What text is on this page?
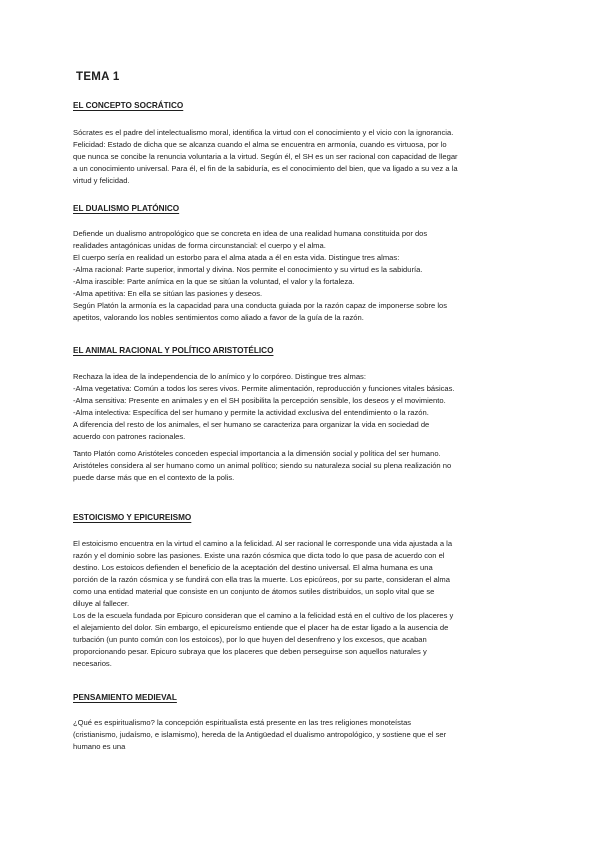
TEMA 1
EL CONCEPTO SOCRÁTICO

Sócrates es el padre del intelectualismo moral, identifica la virtud con el conocimiento y el vicio con la ignorancia.
Felicidad: Estado de dicha que se alcanza cuando el alma se encuentra en armonía, cuando es virtuosa, por lo
que nunca se concibe la renuncia voluntaria a la virtud. Según él, el SH es un ser racional con capacidad de llegar
a un conocimiento universal. Para él, el fin de la sabiduría, es el conocimiento del bien, que va ligado a su vez a la
virtud y felicidad.

EL DUALISMO PLATÓNICO

Defiende un dualismo antropológico que se concreta en idea de una realidad humana constituida por dos
realidades antagónicas unidas de forma circunstancial: el cuerpo y el alma.
El cuerpo sería en realidad un estorbo para el alma atada a él en esta vida. Distingue tres almas:
-Alma racional: Parte superior, inmortal y divina. Nos permite el conocimiento y su virtud es la sabiduría.
-Alma irascible: Parte anímica en la que se sitúan la voluntad, el valor y la fortaleza.
-Alma apetitiva: En ella se sitúan las pasiones y deseos.
Según Platón la armonía es la capacidad para una conducta guiada por la razón capaz de imponerse sobre los
apetitos, valorando los nobles sentimientos como aliado a favor de la guía de la razón.

EL ANIMAL RACIONAL Y POLÍTICO ARISTOTÉLICO

Rechaza la idea de la independencia de lo anímico y lo corpóreo. Distingue tres almas:
-Alma vegetativa: Común a todos los seres vivos. Permite alimentación, reproducción y funciones vitales básicas.
-Alma sensitiva: Presente en animales y en el SH posibilita la percepción sensible, los deseos y el movimiento.
-Alma intelectiva: Específica del ser humano y permite la actividad exclusiva del entendimiento o la razón.
A diferencia del resto de los animales, el ser humano se caracteriza para organizar la vida en sociedad de
acuerdo con patrones racionales.

Tanto Platón como Aristóteles conceden especial importancia a la dimensión social y política del ser humano.
Aristóteles considera al ser humano como un animal político; siendo su naturaleza social su plena realización no
puede darse más que en el contexto de la polis.

ESTOICISMO Y EPICUREISMO

El estoicismo encuentra en la virtud el camino a la felicidad. Al ser racional le corresponde una vida ajustada a la
razón y el dominio sobre las pasiones. Existe una razón cósmica que dicta todo lo que pasa de acuerdo con el
destino. Los estoicos defienden el beneficio de la aceptación del destino universal. El alma humana es una
porción de la razón cósmica y se fundirá con ella tras la muerte. Los epicúreos, por su parte, consideran el alma
como una entidad material que consiste en un conjunto de átomos sutiles distribuidos, un soplo vital que se
diluye al fallecer.
Los de la escuela fundada por Epicuro consideran que el camino a la felicidad está en el cultivo de los placeres y
el alejamiento del dolor. Sin embargo, el epicureísmo entiende que el placer ha de estar ligado a la ausencia de
turbación (un punto común con los estoicos), por lo que huyen del desenfreno y los excesos, que acaban
proporcionando pesar. Epicuro subraya que los placeres que deben perseguirse son aquellos naturales y
necesarios.

PENSAMIENTO MEDIEVAL

¿Qué es espiritualismo? la concepción espiritualista está presente en las tres religiones monoteístas
(cristianismo, judaísmo, e islamismo), hereda de la Antigüedad el dualismo antropológico, y sostiene que el ser
humano es una
